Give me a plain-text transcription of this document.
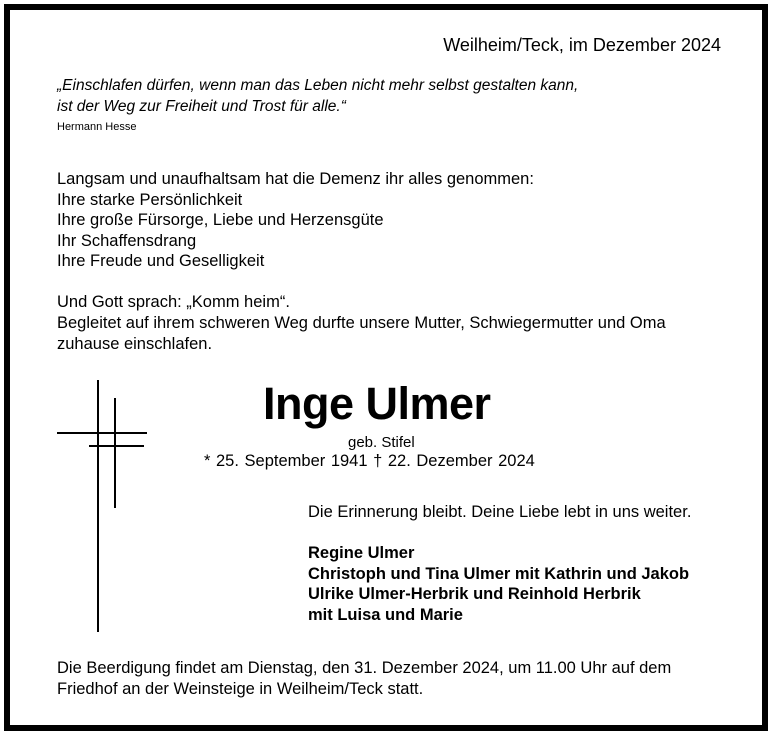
Weilheim/Teck, im Dezember 2024

„Einschlafen dürfen, wenn man das Leben nicht mehr selbst gestalten kann,

ist der Weg zur Freiheit und Trost für alle.“

Hermann Hesse

Langsam und unaufhaltsam hat die Demenz ihr alles genommen:

Ihre starke Persönlichkeit

Ihre große Fürsorge, Liebe und Herzensgüte

Ihr Schaffensdrang

Ihre Freude und Geselligkeit

Und Gott sprach: „Komm heim“.

Begleitet auf ihrem schweren Weg durfte unsere Mutter, Schwiegermutter und Oma

zuhause einschlafen.

Inge Ulmer

geb. Stifel

* 25. September 1941 † 22. Dezember 2024

Die Erinnerung bleibt. Deine Liebe lebt in uns weiter.

Regine Ulmer

Christoph und Tina Ulmer mit Kathrin und Jakob

Ulrike Ulmer-Herbrik und Reinhold Herbrik

mit Luisa und Marie

Die Beerdigung findet am Dienstag, den 31. Dezember 2024, um 11.00 Uhr auf dem

Friedhof an der Weinsteige in Weilheim/Teck statt.
